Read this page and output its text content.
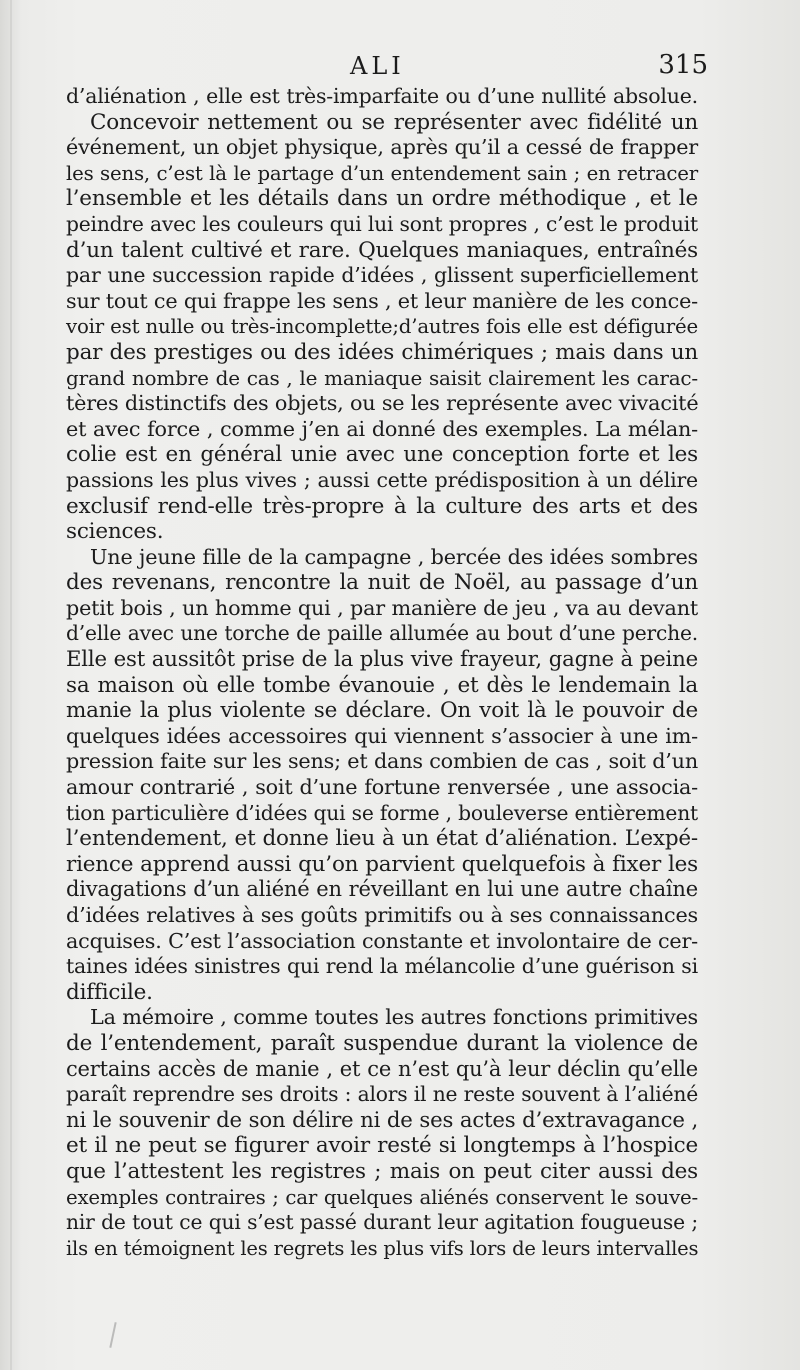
ALI	315
d’aliénation , elle est très-imparfaite ou d’une nullité absolue.
Concevoir nettement ou se représenter avec fidélité un
événement, un objet physique, après qu’il a cessé de frapper
les sens, c’est là le partage d’un entendement sain ; en retracer
l’ensemble et les détails dans un ordre méthodique , et le
peindre avec les couleurs qui lui sont propres , c’est le produit
d’un talent cultivé et rare. Quelques maniaques, entraînés
par une succession rapide d’idées , glissent superficiellement
sur tout ce qui frappe les sens , et leur manière de les conce-
voir est nulle ou très-incomplette;d’autres fois elle est défigurée
par des prestiges ou des idées chimériques ; mais dans un
grand nombre de cas , le maniaque saisit clairement les carac-
tères distinctifs des objets, ou se les représente avec vivacité
et avec force , comme j’en ai donné des exemples. La mélan-
colie est en général unie avec une conception forte et les
passions les plus vives ; aussi cette prédisposition à un délire
exclusif rend-elle très-propre à la culture des arts et des
sciences.
Une jeune fille de la campagne , bercée des idées sombres
des revenans, rencontre la nuit de Noël, au passage d’un
petit bois , un homme qui , par manière de jeu , va au devant
d’elle avec une torche de paille allumée au bout d’une perche.
Elle est aussitôt prise de la plus vive frayeur, gagne à peine
sa maison où elle tombe évanouie , et dès le lendemain la
manie la plus violente se déclare. On voit là le pouvoir de
quelques idées accessoires qui viennent s’associer à une im-
pression faite sur les sens; et dans combien de cas , soit d’un
amour contrarié , soit d’une fortune renversée , une associa-
tion particulière d’idées qui se forme , bouleverse entièrement
l’entendement, et donne lieu à un état d’aliénation. L’expé-
rience apprend aussi qu’on parvient quelquefois à fixer les
divagations d’un aliéné en réveillant en lui une autre chaîne
d’idées relatives à ses goûts primitifs ou à ses connaissances
acquises. C’est l’association constante et involontaire de cer-
taines idées sinistres qui rend la mélancolie d’une guérison si
difficile.
La mémoire , comme toutes les autres fonctions primitives
de l’entendement, paraît suspendue durant la violence de
certains accès de manie , et ce n’est qu’à leur déclin qu’elle
paraît reprendre ses droits : alors il ne reste souvent à l’aliéné
ni le souvenir de son délire ni de ses actes d’extravagance ,
et il ne peut se figurer avoir resté si longtemps à l’hospice
que l’attestent les registres ; mais on peut citer aussi des
exemples contraires ; car quelques aliénés conservent le souve-
nir de tout ce qui s’est passé durant leur agitation fougueuse ;
ils en témoignent les regrets les plus vifs lors de leurs intervalles
